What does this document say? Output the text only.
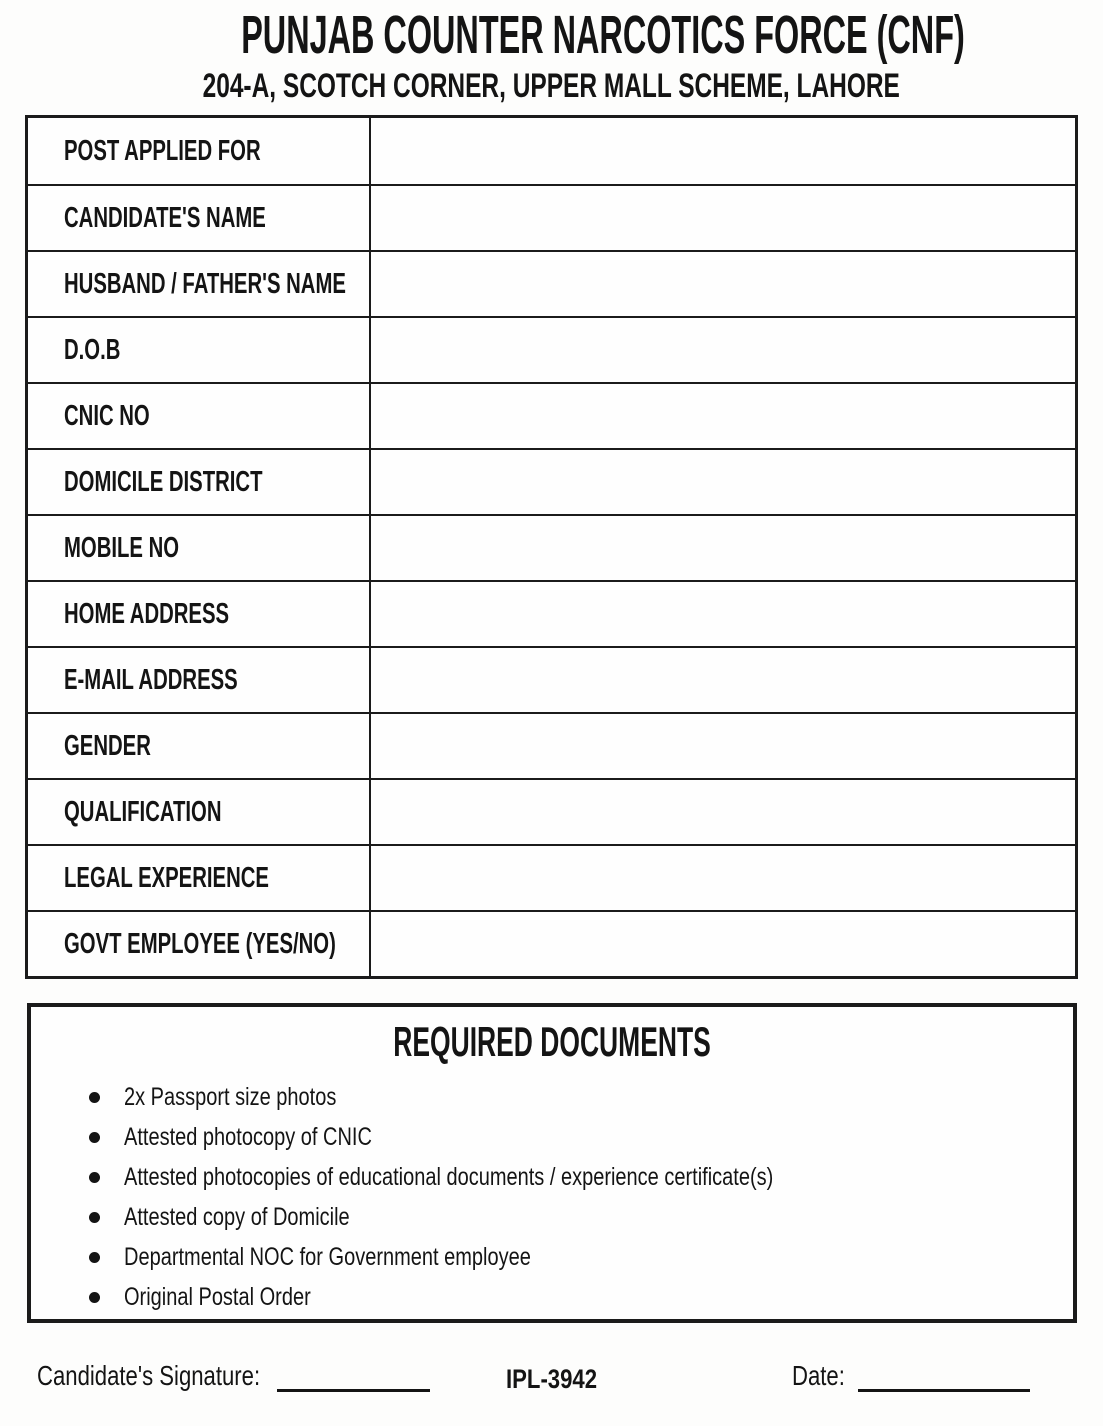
PUNJAB COUNTER NARCOTICS FORCE (CNF)
204-A, SCOTCH CORNER, UPPER MALL SCHEME, LAHORE
POST APPLIED FOR
CANDIDATE'S NAME
HUSBAND / FATHER'S NAME
D.O.B
CNIC NO
DOMICILE DISTRICT
MOBILE NO
HOME ADDRESS
E-MAIL ADDRESS
GENDER
QUALIFICATION
LEGAL EXPERIENCE
GOVT EMPLOYEE (YES/NO)
REQUIRED DOCUMENTS
2x Passport size photos
Attested photocopy of CNIC
Attested photocopies of educational documents / experience certificate(s)
Attested copy of Domicile
Departmental NOC for Government employee
Original Postal Order
Candidate's Signature:	IPL-3942	Date:
